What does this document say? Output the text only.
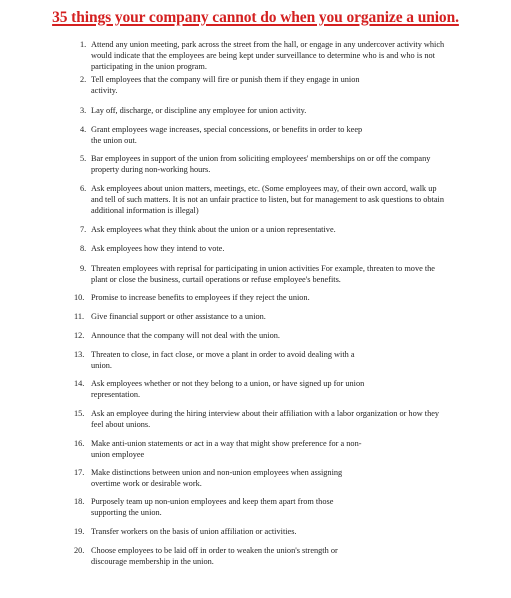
35 things your company cannot do when you organize a union.
1. Attend any union meeting, park across the street from the hall, or engage in any undercover activity which
would indicate that the employees are being kept under surveillance to determine who is and who is not
participating in the union program.
2. Tell employees that the company will fire or punish them if they engage in union
activity.
3. Lay off, discharge, or discipline any employee for union activity.
4. Grant employees wage increases, special concessions, or benefits in order to keep
the union out.
5. Bar employees in support of the union from soliciting employees' memberships on or off the company
property during non-working hours.
6. Ask employees about union matters, meetings, etc. (Some employees may, of their own accord, walk up
and tell of such matters. It is not an unfair practice to listen, but for management to ask questions to obtain
additional information is illegal)
7. Ask employees what they think about the union or a union representative.
8. Ask employees how they intend to vote.
9. Threaten employees with reprisal for participating in union activities For example, threaten to move the
plant or close the business, curtail operations or refuse employee's benefits.
10. Promise to increase benefits to employees if they reject the union.
11. Give financial support or other assistance to a union.
12. Announce that the company will not deal with the union.
13. Threaten to close, in fact close, or move a plant in order to avoid dealing with a
union.
14. Ask employees whether or not they belong to a union, or have signed up for union
representation.
15. Ask an employee during the hiring interview about their affiliation with a labor organization or how they
feel about unions.
16. Make anti-union statements or act in a way that might show preference for a non-
union employee
17. Make distinctions between union and non-union employees when assigning
overtime work or desirable work.
18. Purposely team up non-union employees and keep them apart from those
supporting the union.
19. Transfer workers on the basis of union affiliation or activities.
20. Choose employees to be laid off in order to weaken the union's strength or
discourage membership in the union.
